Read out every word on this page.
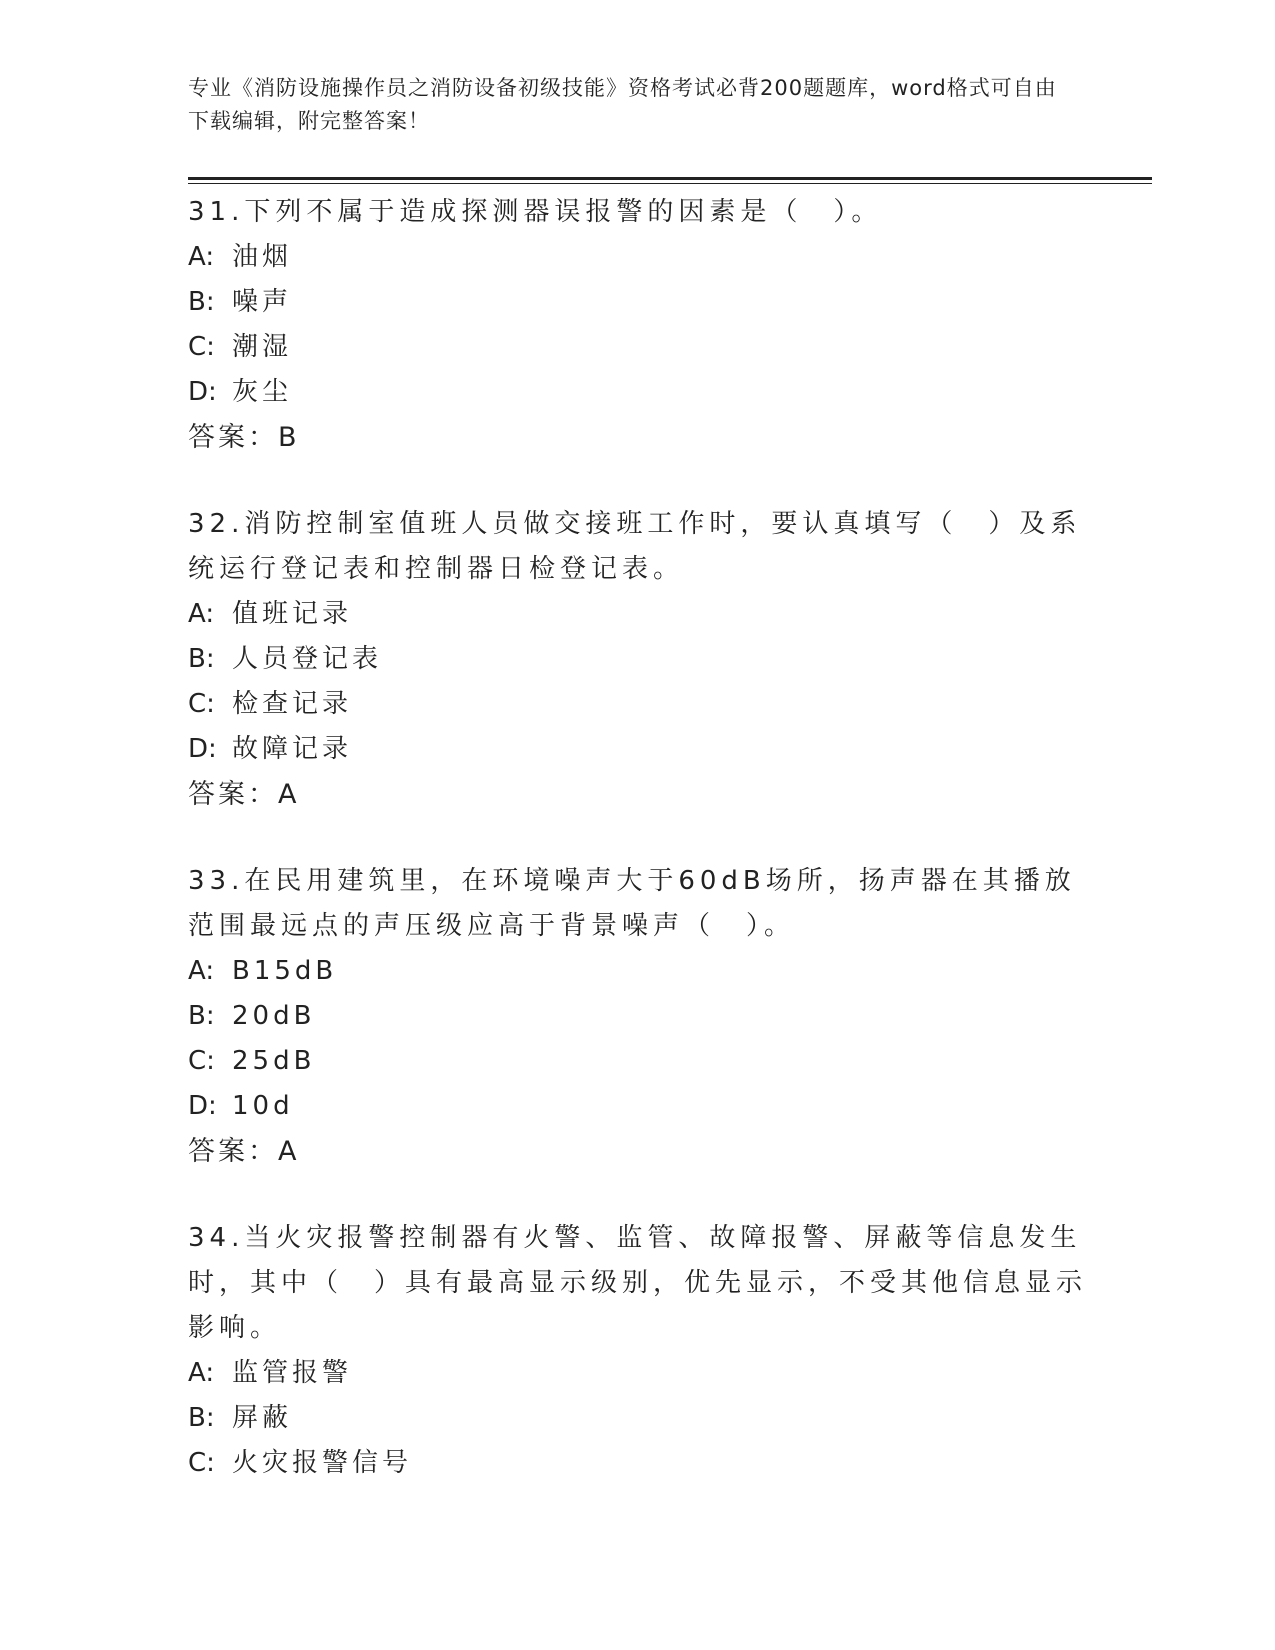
专业《消防设施操作员之消防设备初级技能》资格考试必背200题题库，word格式可自由下载编辑，附完整答案！
31.下列不属于造成探测器误报警的因素是（　）。
A: 油烟
B: 噪声
C: 潮湿
D: 灰尘
答案：B
32.消防控制室值班人员做交接班工作时，要认真填写（　）及系统运行登记表和控制器日检登记表。
A: 值班记录
B: 人员登记表
C: 检查记录
D: 故障记录
答案：A
33.在民用建筑里，在环境噪声大于60dB场所，扬声器在其播放范围最远点的声压级应高于背景噪声（　）。
A: B15dB
B: 20dB
C: 25dB
D: 10d
答案：A
34.当火灾报警控制器有火警、监管、故障报警、屏蔽等信息发生时，其中（　）具有最高显示级别，优先显示，不受其他信息显示影响。
A: 监管报警
B: 屏蔽
C: 火灾报警信号
